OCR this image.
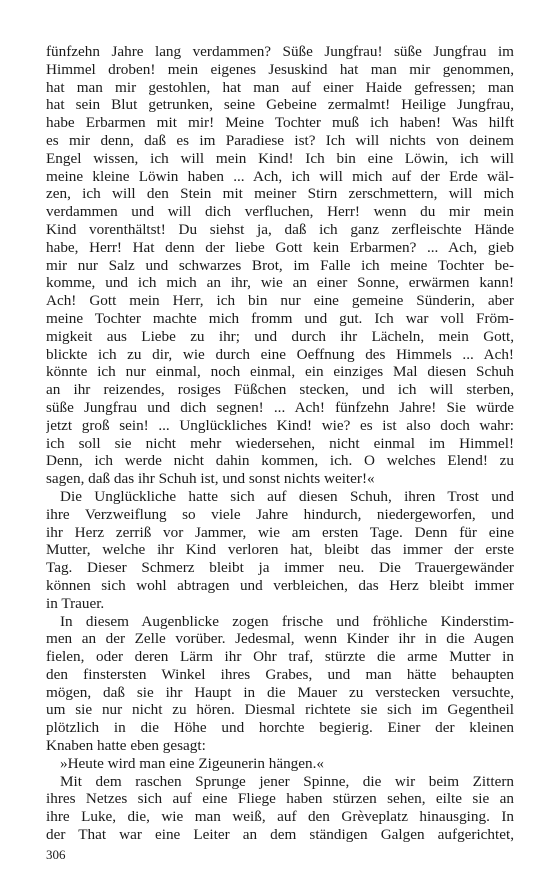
fünfzehn Jahre lang verdammen? Süße Jungfrau! süße Jungfrau im
Himmel droben! mein eigenes Jesuskind hat man mir genommen,
hat man mir gestohlen, hat man auf einer Haide gefressen; man
hat sein Blut getrunken, seine Gebeine zermalmt! Heilige Jungfrau,
habe Erbarmen mit mir! Meine Tochter muß ich haben! Was hilft
es mir denn, daß es im Paradiese ist? Ich will nichts von deinem
Engel wissen, ich will mein Kind! Ich bin eine Löwin, ich will
meine kleine Löwin haben ... Ach, ich will mich auf der Erde wäl-
zen, ich will den Stein mit meiner Stirn zerschmettern, will mich
verdammen und will dich verfluchen, Herr! wenn du mir mein
Kind vorenthältst! Du siehst ja, daß ich ganz zerfleischte Hände
habe, Herr! Hat denn der liebe Gott kein Erbarmen? ... Ach, gieb
mir nur Salz und schwarzes Brot, im Falle ich meine Tochter be-
komme, und ich mich an ihr, wie an einer Sonne, erwärmen kann!
Ach! Gott mein Herr, ich bin nur eine gemeine Sünderin, aber
meine Tochter machte mich fromm und gut. Ich war voll Fröm-
migkeit aus Liebe zu ihr; und durch ihr Lächeln, mein Gott,
blickte ich zu dir, wie durch eine Oeffnung des Himmels ... Ach!
könnte ich nur einmal, noch einmal, ein einziges Mal diesen Schuh
an ihr reizendes, rosiges Füßchen stecken, und ich will sterben,
süße Jungfrau und dich segnen! ... Ach! fünfzehn Jahre! Sie würde
jetzt groß sein! ... Unglückliches Kind! wie? es ist also doch wahr:
ich soll sie nicht mehr wiedersehen, nicht einmal im Himmel!
Denn, ich werde nicht dahin kommen, ich. O welches Elend! zu
sagen, daß das ihr Schuh ist, und sonst nichts weiter!«
Die Unglückliche hatte sich auf diesen Schuh, ihren Trost und
ihre Verzweiflung so viele Jahre hindurch, niedergeworfen, und
ihr Herz zerriß vor Jammer, wie am ersten Tage. Denn für eine
Mutter, welche ihr Kind verloren hat, bleibt das immer der erste
Tag. Dieser Schmerz bleibt ja immer neu. Die Trauergewänder
können sich wohl abtragen und verbleichen, das Herz bleibt immer
in Trauer.
In diesem Augenblicke zogen frische und fröhliche Kinderstim-
men an der Zelle vorüber. Jedesmal, wenn Kinder ihr in die Augen
fielen, oder deren Lärm ihr Ohr traf, stürzte die arme Mutter in
den finstersten Winkel ihres Grabes, und man hätte behaupten
mögen, daß sie ihr Haupt in die Mauer zu verstecken versuchte,
um sie nur nicht zu hören. Diesmal richtete sie sich im Gegentheil
plötzlich in die Höhe und horchte begierig. Einer der kleinen
Knaben hatte eben gesagt:
»Heute wird man eine Zigeunerin hängen.«
Mit dem raschen Sprunge jener Spinne, die wir beim Zittern
ihres Netzes sich auf eine Fliege haben stürzen sehen, eilte sie an
ihre Luke, die, wie man weiß, auf den Grèveplatz hinausging. In
der That war eine Leiter an dem ständigen Galgen aufgerichtet,
306
